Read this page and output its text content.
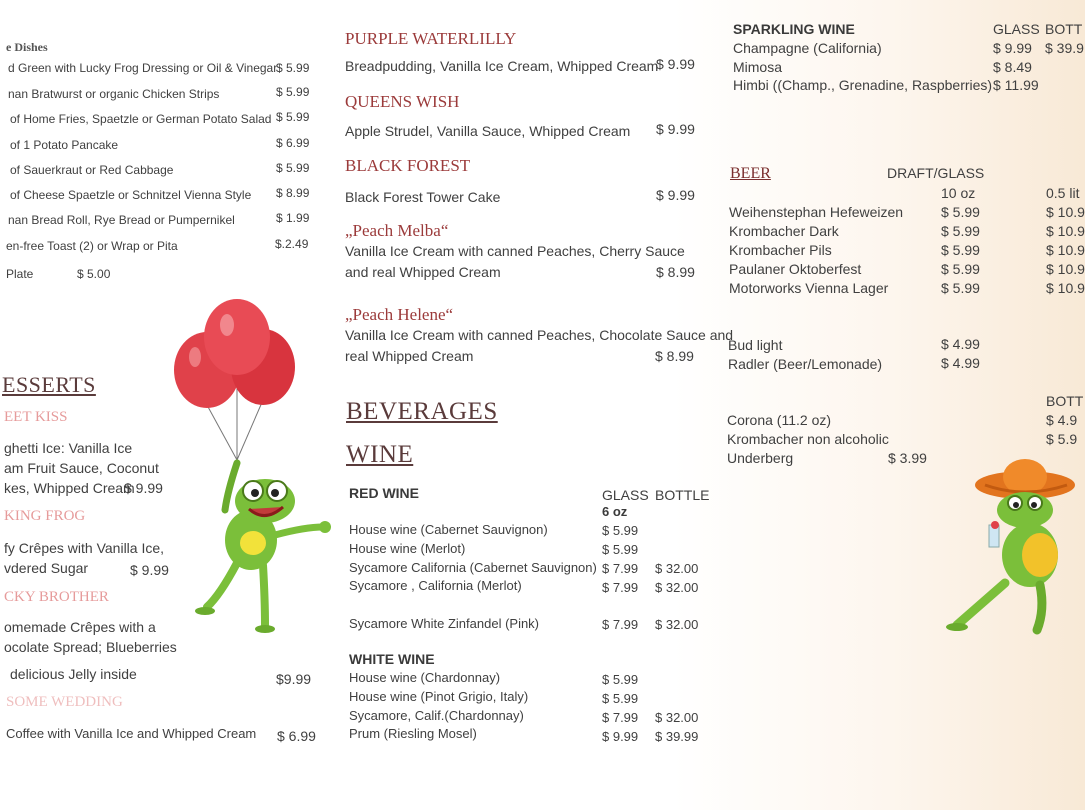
e Dishes
d Green with Lucky Frog Dressing or Oil & Vinegar
$ 5.99
nan Bratwurst or organic Chicken Strips	$ 5.99
of Home Fries, Spaetzle or German Potato Salad $ 5.99
of 1 Potato Pancake	$ 6.99
of Sauerkraut or Red Cabbage	$ 5.99
of Cheese Spaetzle or Schnitzel Vienna Style $ 8.99
nan Bread Roll, Rye Bread or Pumpernikel	$ 1.99
en-free Toast (2) or Wrap or Pita	$.2.49
Plate	$ 5.00
ESSERTS
EET KISS
ghetti Ice: Vanilla Ice
am Fruit Sauce, Coconut
kes, Whipped Cream
$ 9.99
KING FROG
fy Crêpes with Vanilla Ice,
vdered Sugar	$ 9.99
CKY BROTHER
omemade Crêpes with a
ocolate Spread; Blueberries
delicious Jelly inside	$9.99
SOME WEDDING
Coffee with Vanilla Ice and Whipped Cream $ 6.99
PURPLE WATERLILLY
Breadpudding, Vanilla Ice Cream, Whipped Cream
$ 9.99
QUEENS WISH
Apple Strudel, Vanilla Sauce, Whipped Cream $ 9.99
BLACK FOREST
Black Forest Tower Cake	$ 9.99
„Peach Melba“
Vanilla Ice Cream with canned Peaches, Cherry Sauce
and real Whipped Cream	$ 8.99
„Peach Helene“
Vanilla Ice Cream with canned Peaches, Chocolate Sauce and
real Whipped Cream	$ 8.99
BEVERAGES
WINE
RED WINE	GLASS BOTTLE
6 oz
House wine (Cabernet Sauvignon)	$ 5.99
House wine (Merlot)	$ 5.99
Sycamore California (Cabernet Sauvignon) $ 7.99 $ 32.00
Sycamore , California (Merlot)	$ 7.99 $ 32.00
Sycamore White Zinfandel (Pink)	$ 7.99 $ 32.00
WHITE WINE
House wine (Chardonnay)	$ 5.99
House wine (Pinot Grigio, Italy)	$ 5.99
Sycamore, Calif.(Chardonnay)	$ 7.99 $ 32.00
Prum (Riesling Mosel)	$ 9.99 $ 39.99
SPARKLING WINE	GLASS BOTT
Champagne (California)	$ 9.99 $ 39.9
Mimosa	$ 8.49
Himbi ((Champ., Grenadine, Raspberries) $ 11.99
BEER	DRAFT/GLASS
10 oz	0.5 lit
Weihenstephan Hefeweizen	$ 5.99	$ 10.9
Krombacher Dark	$ 5.99	$ 10.9
Krombacher Pils	$ 5.99	$ 10.9
Paulaner Oktoberfest	$ 5.99	$ 10.9
Motorworks Vienna Lager	$ 5.99	$ 10.9
Bud light	$ 4.99
Radler (Beer/Lemonade)	$ 4.99
BOTT
Corona (11.2 oz)	$ 4.9
Krombacher non alcoholic	$ 5.9
Underberg	$ 3.99
